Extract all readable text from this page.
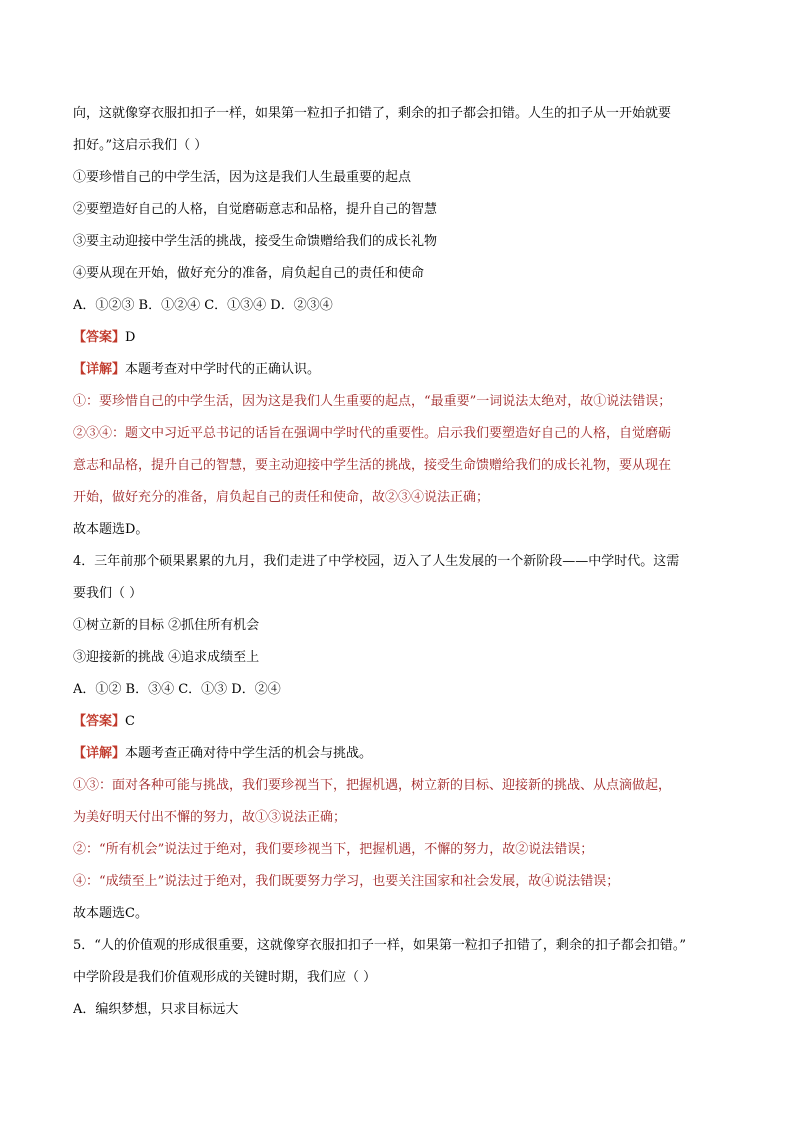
向，这就像穿衣服扣扣子一样，如果第一粒扣子扣错了，剩余的扣子都会扣错。人生的扣子从一开始就要
扣好。”这启示我们（ ）
①要珍惜自己的中学生活，因为这是我们人生最重要的起点
②要塑造好自己的人格，自觉磨砺意志和品格，提升自己的智慧
③要主动迎接中学生活的挑战，接受生命馈赠给我们的成长礼物
④要从现在开始，做好充分的准备，肩负起自己的责任和使命
A．①②③ B．①②④ C．①③④ D．②③④
【答案】D
【详解】本题考查对中学时代的正确认识。
①：要珍惜自己的中学生活，因为这是我们人生重要的起点，“最重要”一词说法太绝对，故①说法错误；
②③④：题文中习近平总书记的话旨在强调中学时代的重要性。启示我们要塑造好自己的人格，自觉磨砺
意志和品格，提升自己的智慧，要主动迎接中学生活的挑战，接受生命馈赠给我们的成长礼物，要从现在
开始，做好充分的准备，肩负起自己的责任和使命，故②③④说法正确；
故本题选D。
4．三年前那个硕果累累的九月，我们走进了中学校园，迈入了人生发展的一个新阶段——中学时代。这需
要我们（ ）
①树立新的目标 ②抓住所有机会
③迎接新的挑战 ④追求成绩至上
A．①② B．③④ C．①③ D．②④
【答案】C
【详解】本题考查正确对待中学生活的机会与挑战。
①③：面对各种可能与挑战，我们要珍视当下，把握机遇，树立新的目标、迎接新的挑战、从点滴做起，
为美好明天付出不懈的努力，故①③说法正确；
②：“所有机会”说法过于绝对，我们要珍视当下，把握机遇，不懈的努力，故②说法错误；
④：“成绩至上”说法过于绝对，我们既要努力学习，也要关注国家和社会发展，故④说法错误；
故本题选C。
5．“人的价值观的形成很重要，这就像穿衣服扣扣子一样，如果第一粒扣子扣错了，剩余的扣子都会扣错。”
中学阶段是我们价值观形成的关键时期，我们应（ ）
A．编织梦想，只求目标远大
